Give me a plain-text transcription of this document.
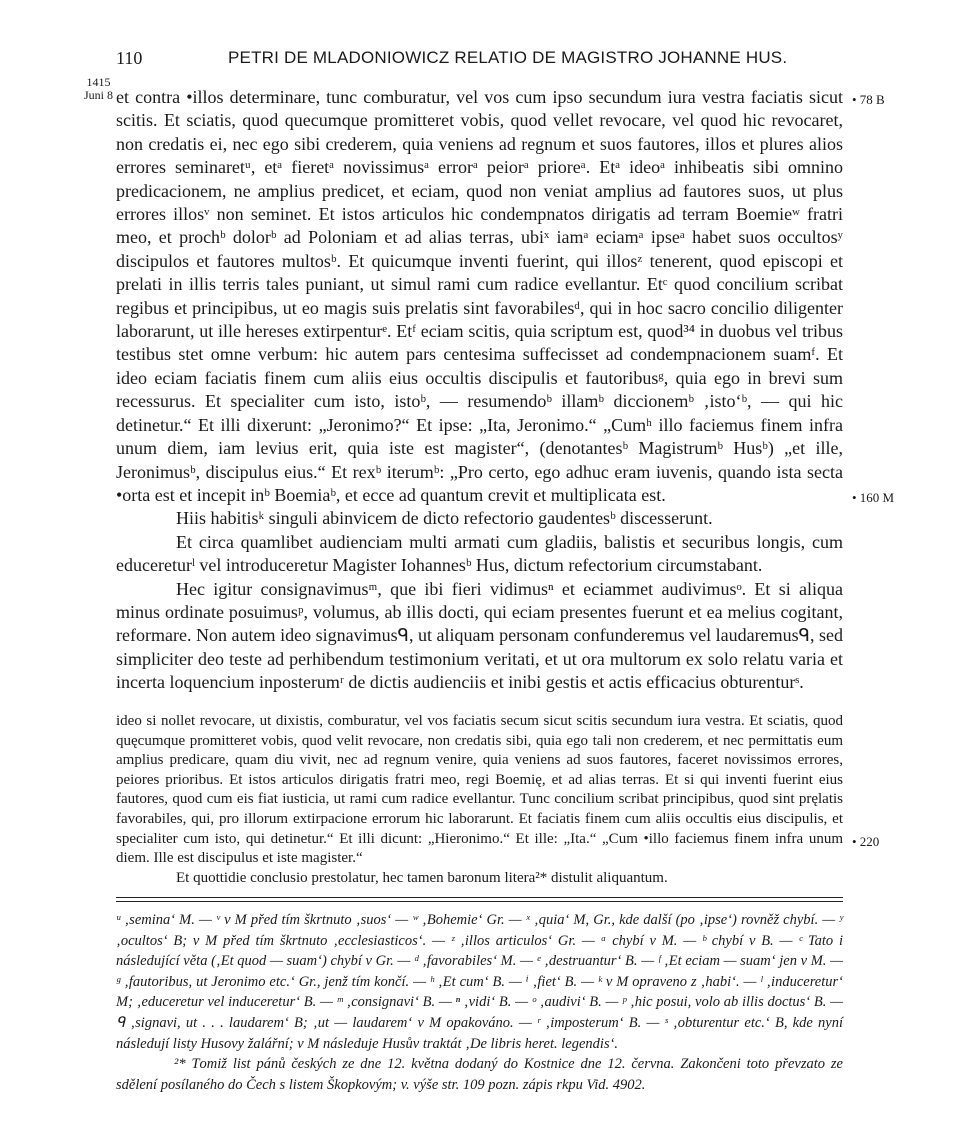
110	PETRI DE MLADONIOWICZ RELATIO DE MAGISTRO JOHANNE HUS.
1415
Juni 8	• 78 B
• 160 M
• 220

et contra •illos determinare, tunc comburatur, vel vos cum ipso secundum iura vestra faciatis sicut scitis. Et sciatis, quod quecumque promitteret vobis, quod vellet revocare, vel quod hic revocaret, non credatis ei, nec ego sibi crederem, quia veniens ad regnum et suos fautores, illos et plures alios errores seminaretᵘ, etᵃ fieretᵃ novissimusᵃ errorᵃ peiorᵃ prioreᵃ. Etᵃ ideoᵃ inhibeatis sibi omnino predicacionem, ne amplius predicet, et eciam, quod non veniat amplius ad fautores suos, ut plus errores illosᵛ non seminet. Et istos articulos hic condempnatos dirigatis ad terram Boemieʷ fratri meo, et prochᵇ dolorᵇ ad Poloniam et ad alias terras, ubiˣ iamᵃ eciamᵃ ipseᵃ habet suos occultosʸ discipulos et fautores multosᵇ. Et quicumque inventi fuerint, qui illosᶻ tenerent, quod episcopi et prelati in illis terris tales puniant, ut simul rami cum radice evellantur. Etᶜ quod concilium scribat regibus et principibus, ut eo magis suis prelatis sint favorabilesᵈ, qui in hoc sacro concilio diligenter laborarunt, ut ille hereses extirpenturᵉ. Etᶠ eciam scitis, quia scriptum est, quod³⁴ in duobus vel tribus testibus stet omne verbum: hic autem pars centesima suffecisset ad condempnacionem suamᶠ. Et ideo eciam faciatis finem cum aliis eius occultis discipulis et fautoribusᵍ, quia ego in brevi sum recessurus. Et specialiter cum isto, istoᵇ, — resumendoᵇ illamᵇ diccionemᵇ ‚isto‘ᵇ, — qui hic detinetur.“ Et illi dixerunt: „Jeronimo?“ Et ipse: „Ita, Jeronimo.“ „Cumʰ illo faciemus finem infra unum diem, iam levius erit, quia iste est magister“, (denotantesᵇ Magistrumᵇ Husᵇ) „et ille, Jeronimusᵇ, discipulus eius.“ Et rexᵇ iterumᵇ: „Pro certo, ego adhuc eram iuvenis, quando ista secta •orta est et incepit inᵇ Boemiaᵇ, et ecce ad quantum crevit et multiplicata est.

Hiis habitisᵏ singuli abinvicem de dicto refectorio gaudentesᵇ discesserunt.

Et circa quamlibet audienciam multi armati cum gladiis, balistis et securibus longis, cum educereturˡ vel introduceretur Magister Iohannesᵇ Hus, dictum refectorium circumstabant.

Hec igitur consignavimusᵐ, que ibi fieri vidimusⁿ et eciammet audivimusᵒ. Et si aliqua minus ordinate posuimusᵖ, volumus, ab illis docti, qui eciam presentes fuerunt et ea melius cogitant, reformare. Non autem ideo signavimusᑫ, ut aliquam personam confunderemus vel laudaremusᑫ, sed simpliciter deo teste ad perhibendum testimonium veritati, et ut ora multorum ex solo relatu varia et incerta loquencium inposterumʳ de dictis audienciis et inibi gestis et actis efficacius obturenturˢ.

ideo si nollet revocare, ut dixistis, comburatur, vel vos faciatis secum sicut scitis secundum iura vestra. Et sciatis, quod quęcumque promitteret vobis, quod velit revocare, non credatis sibi, quia ego tali non crederem, et nec permittatis eum amplius predicare, quam diu vivit, nec ad regnum venire, quia veniens ad suos fautores, faceret novissimos errores, peiores prioribus. Et istos articulos dirigatis fratri meo, regi Boemię, et ad alias terras. Et si qui inventi fuerint eius fautores, quod cum eis fiat iusticia, ut rami cum radice evellantur. Tunc concilium scribat principibus, quod sint pręlatis favorabiles, qui, pro illorum extirpacione errorum hic laborarunt. Et faciatis finem cum aliis occultis eius discipulis, et specialiter cum isto, qui detinetur.“ Et illi dicunt: „Hieronimo.“ Et ille: „Ita.“ „Cum •illo faciemus finem infra unum diem. Ille est discipulus et iste magister.“

Et quottidie conclusio prestolatur, hec tamen baronum litera²* distulit aliquantum.

ᵘ ‚semina‘ M. — ᵛ v M před tím škrtnuto ‚suos‘ — ʷ ‚Bohemie‘ Gr. — ˣ ‚quia‘ M, Gr., kde další (po ‚ipse‘) rovněž chybí. — ʸ ‚ocultos‘ B; v M před tím škrtnuto ‚ecclesiasticos‘. — ᶻ ‚illos articulos‘ Gr. — ᵃ chybí v M. — ᵇ chybí v B. — ᶜ Tato i následující věta (‚Et quod — suam‘) chybí v Gr. — ᵈ ‚favorabiles‘ M. — ᵉ ‚destruantur‘ B. — ᶠ ‚Et eciam — suam‘ jen v M. — ᵍ ‚fautoribus, ut Jeronimo etc.‘ Gr., jenž tím končí. — ʰ ‚Et cum‘ B. — ⁱ ‚fiet‘ B. — ᵏ v M opraveno z ‚habi‘. — ˡ ‚induceretur‘ M; ‚educeretur vel induceretur‘ B. — ᵐ ‚consignavi‘ B. — ⁿ ‚vidi‘ B. — ᵒ ‚audivi‘ B. — ᵖ ‚hic posui, volo ab illis doctus‘ B. — ᑫ ‚signavi, ut . . . laudarem‘ B; ‚ut — laudarem‘ v M opakováno. — ʳ ‚imposterum‘ B. — ˢ ‚obturentur etc.‘ B, kde nyní následují listy Husovy žalářní; v M následuje Husův traktát ‚De libris heret. legendis‘.

²* Tотiž list pánů českých ze dne 12. května dodaný do Kostnice dne 12. června. Zakončeni toto převzato ze sdělení posílaného do Čech s listem Škopkovým; v. výše str. 109 pozn. zápis rkpu Vid. 4902.
